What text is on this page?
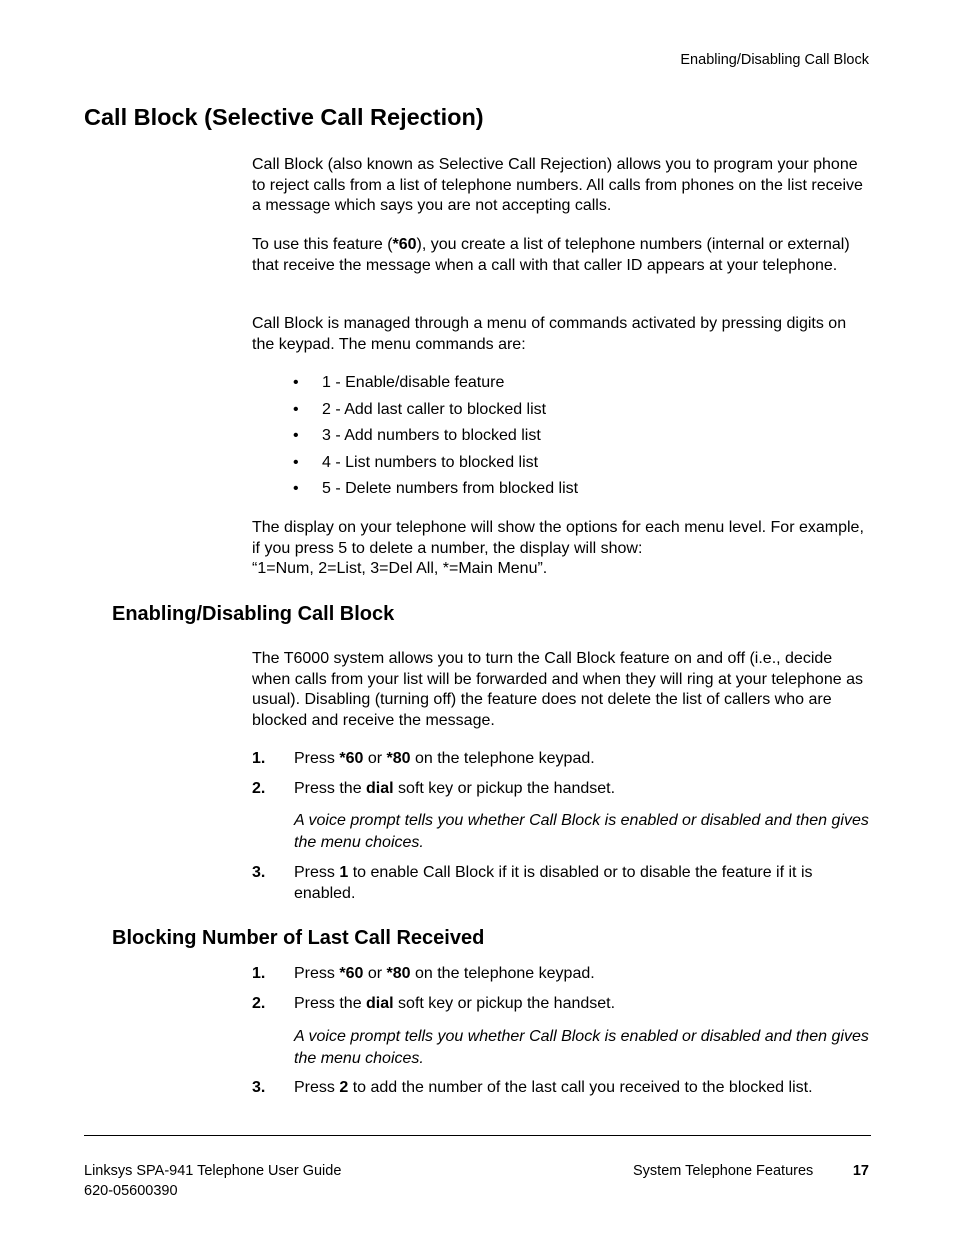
Enabling/Disabling Call Block
Call Block (Selective Call Rejection)

Call Block (also known as Selective Call Rejection) allows you to program your phone to reject calls from a list of telephone numbers. All calls from phones on the list receive a message which says you are not accepting calls.

To use this feature (*60), you create a list of telephone numbers (internal or external) that receive the message when a call with that caller ID appears at your telephone.

Call Block is managed through a menu of commands activated by pressing digits on the keypad. The menu commands are:

• 1 - Enable/disable feature
• 2 - Add last caller to blocked list
• 3 - Add numbers to blocked list
• 4 - List numbers to blocked list
• 5 - Delete numbers from blocked list
The display on your telephone will show the options for each menu level. For example, if you press 5 to delete a number, the display will show:
“1=Num, 2=List, 3=Del All, *=Main Menu”.
Enabling/Disabling Call Block

The T6000 system allows you to turn the Call Block feature on and off (i.e., decide when calls from your list will be forwarded and when they will ring at your telephone as usual). Disabling (turning off) the feature does not delete the list of callers who are blocked and receive the message.

1. Press *60 or *80 on the telephone keypad.
2. Press the dial soft key or pickup the handset.

A voice prompt tells you whether Call Block is enabled or disabled and then gives the menu choices.

3. Press 1 to enable Call Block if it is disabled or to disable the feature if it is enabled.
Blocking Number of Last Call Received
1. Press *60 or *80 on the telephone keypad.
2. Press the dial soft key or pickup the handset.

A voice prompt tells you whether Call Block is enabled or disabled and then gives the menu choices.

3. Press 2 to add the number of the last call you received to the blocked list.
Linksys SPA-941 Telephone User Guide
620-05600390
System Telephone Features	17
